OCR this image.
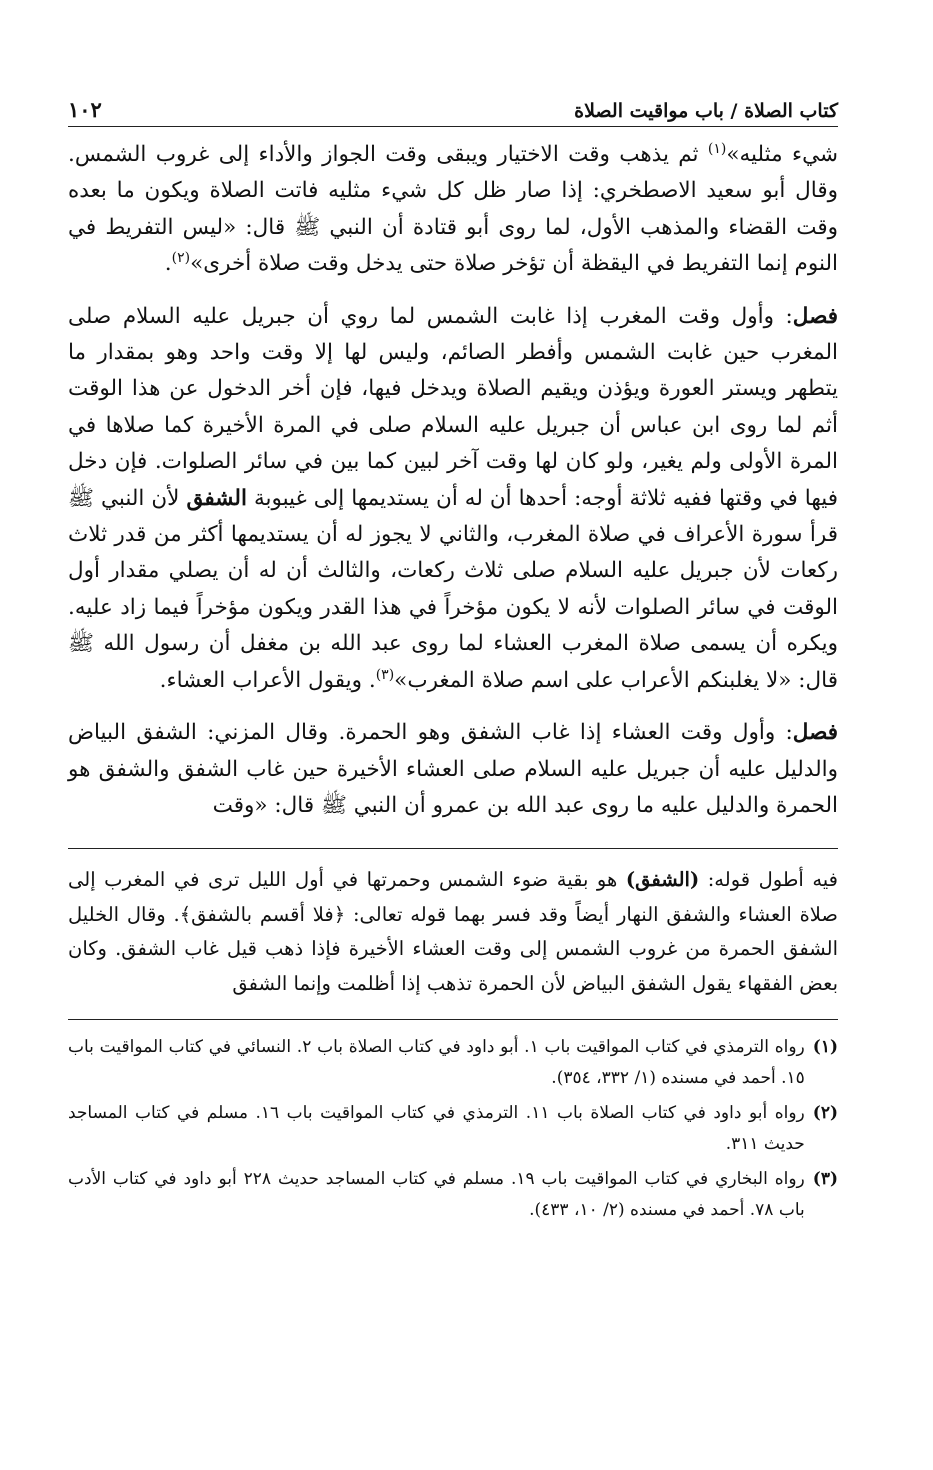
كتاب الصلاة / باب مواقيت الصلاة
١٠٢

شيء مثليه»$^{(١)}$ ثم يذهب وقت الاختيار ويبقى وقت الجواز والأداء إلى غروب الشمس. وقال أبو سعيد الاصطخري: إذا صار ظل كل شيء مثليه فاتت الصلاة ويكون ما بعده وقت القضاء والمذهب الأول، لما روى أبو قتادة أن النبي ﷺ قال: «ليس التفريط في النوم إنما التفريط في اليقظة أن تؤخر صلاة حتى يدخل وقت صلاة أخرى»$^{(٢)}$.

فصل: وأول وقت المغرب إذا غابت الشمس لما روي أن جبريل عليه السلام صلى المغرب حين غابت الشمس وأفطر الصائم، وليس لها إلا وقت واحد وهو بمقدار ما يتطهر ويستر العورة ويؤذن ويقيم الصلاة ويدخل فيها، فإن أخر الدخول عن هذا الوقت أثم لما روى ابن عباس أن جبريل عليه السلام صلى في المرة الأخيرة كما صلاها في المرة الأولى ولم يغير، ولو كان لها وقت آخر لبين كما بين في سائر الصلوات. فإن دخل فيها في وقتها ففيه ثلاثة أوجه: أحدها أن له أن يستديمها إلى غيبوبة الشفق لأن النبي ﷺ قرأ سورة الأعراف في صلاة المغرب، والثاني لا يجوز له أن يستديمها أكثر من قدر ثلاث ركعات لأن جبريل عليه السلام صلى ثلاث ركعات، والثالث أن له أن يصلي مقدار أول الوقت في سائر الصلوات لأنه لا يكون مؤخراً في هذا القدر ويكون مؤخراً فيما زاد عليه. ويكره أن يسمى صلاة المغرب العشاء لما روى عبد الله بن مغفل أن رسول الله ﷺ قال: «لا يغلبنكم الأعراب على اسم صلاة المغرب»$^{(٣)}$. ويقول الأعراب العشاء.

فصل: وأول وقت العشاء إذا غاب الشفق وهو الحمرة. وقال المزني: الشفق البياض والدليل عليه أن جبريل عليه السلام صلى العشاء الأخيرة حين غاب الشفق والشفق هو الحمرة والدليل عليه ما روى عبد الله بن عمرو أن النبي ﷺ قال: «وقت

فيه أطول قوله: (الشفق) هو بقية ضوء الشمس وحمرتها في أول الليل ترى في المغرب إلى صلاة العشاء والشفق النهار أيضاً وقد فسر بهما قوله تعالى: ﴿فلا أقسم بالشفق﴾. وقال الخليل الشفق الحمرة من غروب الشمس إلى وقت العشاء الأخيرة فإذا ذهب قيل غاب الشفق. وكان بعض الفقهاء يقول الشفق البياض لأن الحمرة تذهب إذا أظلمت وإنما الشفق

(١)
رواه الترمذي في كتاب المواقيت باب ١. أبو داود في كتاب الصلاة باب ٢. النسائي في كتاب المواقيت باب ١٥. أحمد في مسنده (١/ ٣٣٢، ٣٥٤).
(٢)
رواه أبو داود في كتاب الصلاة باب ١١. الترمذي في كتاب المواقيت باب ١٦. مسلم في كتاب المساجد حديث ٣١١.
(٣)
رواه البخاري في كتاب المواقيت باب ١٩. مسلم في كتاب المساجد حديث ٢٢٨ أبو داود في كتاب الأدب باب ٧٨. أحمد في مسنده (٢/ ١٠، ٤٣٣).
